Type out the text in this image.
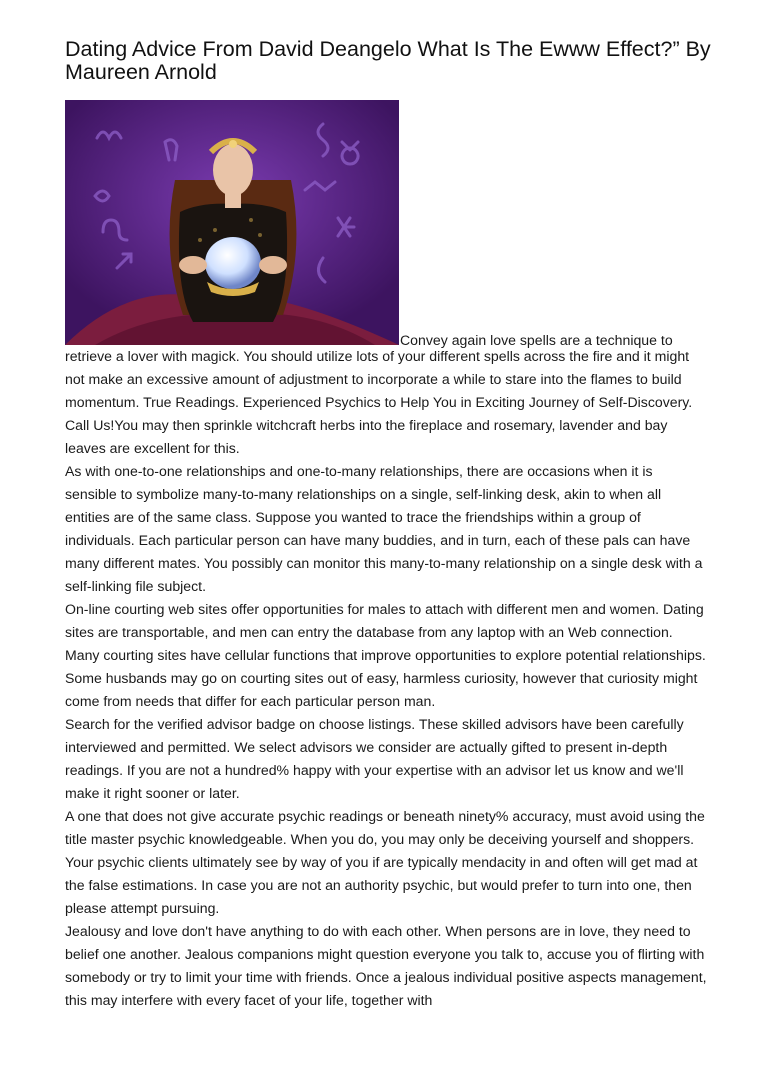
Dating Advice From David Deangelo What Is The Ewww Effect?” By Maureen Arnold
Convey again love spells are a technique to

retrieve a lover with magick. You should utilize lots of your different spells across the fire and it might not make an excessive amount of adjustment to incorporate a while to stare into the flames to build momentum. True Readings. Experienced Psychics to Help You in Exciting Journey of Self-Discovery. Call Us!You may then sprinkle witchcraft herbs into the fireplace and rosemary, lavender and bay leaves are excellent for this.

As with one-to-one relationships and one-to-many relationships, there are occasions when it is sensible to symbolize many-to-many relationships on a single, self-linking desk, akin to when all entities are of the same class. Suppose you wanted to trace the friendships within a group of individuals. Each particular person can have many buddies, and in turn, each of these pals can have many different mates. You possibly can monitor this many-to-many relationship on a single desk with a self-linking file subject.

On-line courting web sites offer opportunities for males to attach with different men and women. Dating sites are transportable, and men can entry the database from any laptop with an Web connection. Many courting sites have cellular functions that improve opportunities to explore potential relationships. Some husbands may go on courting sites out of easy, harmless curiosity, however that curiosity might come from needs that differ for each particular person man.

Search for the verified advisor badge on choose listings. These skilled advisors have been carefully interviewed and permitted. We select advisors we consider are actually gifted to present in-depth readings. If you are not a hundred% happy with your expertise with an advisor let us know and we'll make it right sooner or later.

A one that does not give accurate psychic readings or beneath ninety% accuracy, must avoid using the title master psychic knowledgeable. When you do, you may only be deceiving yourself and shoppers. Your psychic clients ultimately see by way of you if are typically mendacity in and often will get mad at the false estimations. In case you are not an authority psychic, but would prefer to turn into one, then please attempt pursuing.

Jealousy and love don't have anything to do with each other. When persons are in love, they need to belief one another. Jealous companions might question everyone you talk to, accuse you of flirting with somebody or try to limit your time with friends. Once a jealous individual positive aspects management, this may interfere with every facet of your life, together with
